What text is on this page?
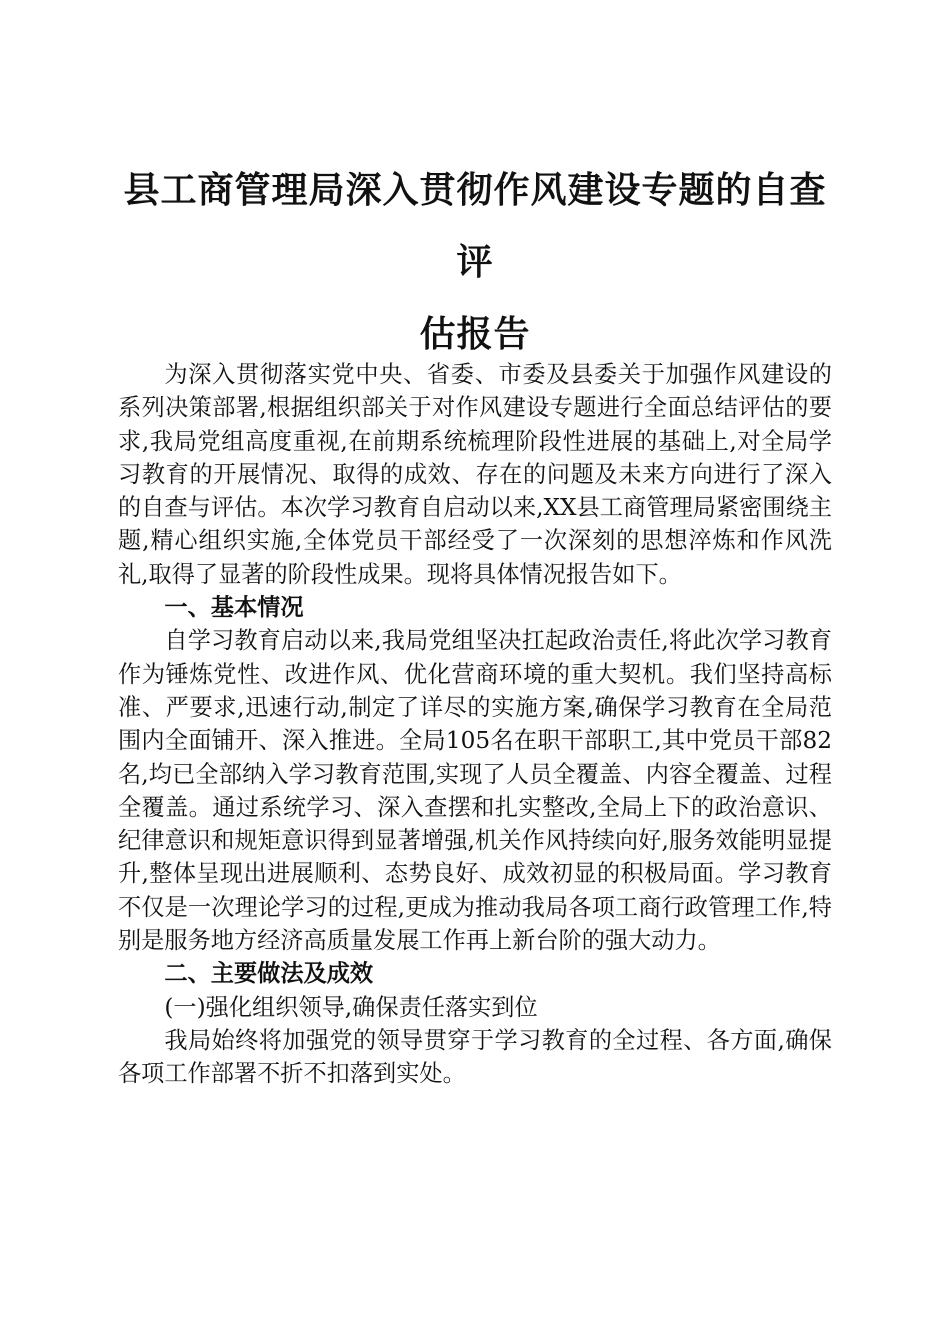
县工商管理局深入贯彻作风建设专题的自查评
估报告

为深入贯彻落实党中央、省委、市委及县委关于加强作风建设的系列决策部署,根据组织部关于对作风建设专题进行全面总结评估的要求,我局党组高度重视,在前期系统梳理阶段性进展的基础上,对全局学习教育的开展情况、取得的成效、存在的问题及未来方向进行了深入的自查与评估。本次学习教育自启动以来,XX县工商管理局紧密围绕主题,精心组织实施,全体党员干部经受了一次深刻的思想淬炼和作风洗礼,取得了显著的阶段性成果。现将具体情况报告如下。

一、基本情况

自学习教育启动以来,我局党组坚决扛起政治责任,将此次学习教育作为锤炼党性、改进作风、优化营商环境的重大契机。我们坚持高标准、严要求,迅速行动,制定了详尽的实施方案,确保学习教育在全局范围内全面铺开、深入推进。全局105名在职干部职工,其中党员干部82名,均已全部纳入学习教育范围,实现了人员全覆盖、内容全覆盖、过程全覆盖。通过系统学习、深入查摆和扎实整改,全局上下的政治意识、纪律意识和规矩意识得到显著增强,机关作风持续向好,服务效能明显提升,整体呈现出进展顺利、态势良好、成效初显的积极局面。学习教育不仅是一次理论学习的过程,更成为推动我局各项工商行政管理工作,特别是服务地方经济高质量发展工作再上新台阶的强大动力。

二、主要做法及成效
(一)强化组织领导,确保责任落实到位

我局始终将加强党的领导贯穿于学习教育的全过程、各方面,确保各项工作部署不折不扣落到实处。
